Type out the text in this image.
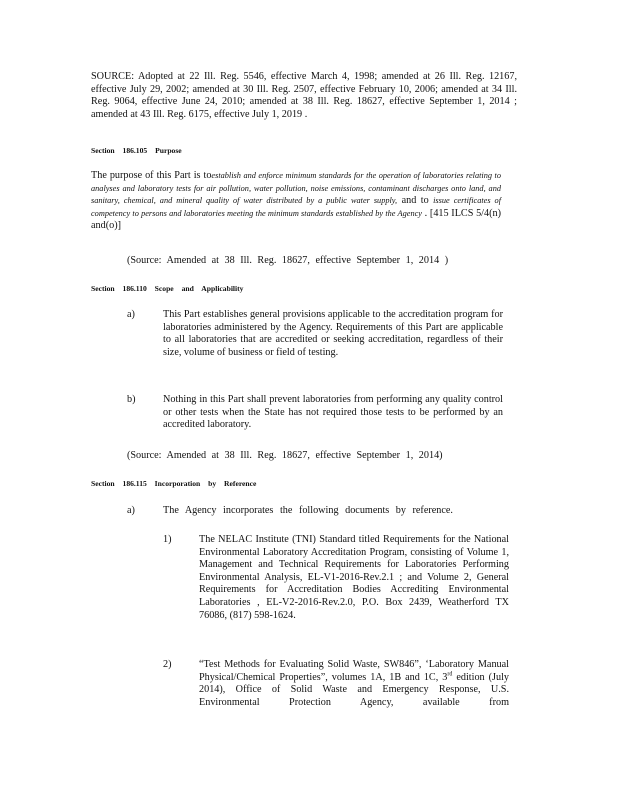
SOURCE: Adopted at 22 Ill. Reg. 5546, effective March 4, 1998; amended at 26 Ill. Reg. 12167, effective July 29, 2002; amended at 30 Ill. Reg. 2507, effective February 10, 2006; amended at 34 Ill. Reg. 9064, effective June 24, 2010; amended at 38 Ill. Reg. 18627, effective September 1, 2014 ; amended at 43 Ill. Reg. 6175, effective July 1, 2019 .

Section 186.105 Purpose

The purpose of this Part is toestablish and enforce minimum standards for the operation of laboratories relating to analyses and laboratory tests for air pollution, water pollution, noise emissions, contaminant discharges onto land, and sanitary, chemical, and mineral quality of water distributed by a public water supply, and to issue certificates of competency to persons and laboratories meeting the minimum standards established by the Agency . [415 ILCS 5/4(n) and(o)]

(Source: Amended at 38 Ill. Reg. 18627, effective September 1, 2014 )
Section 186.110 Scope and Applicability
a)	This Part establishes general provisions applicable to the accreditation program for laboratories administered by the Agency. Requirements of this Part are applicable to all laboratories that are accredited or seeking accreditation, regardless of their size, volume of business or field of testing.

b)	Nothing in this Part shall prevent laboratories from performing any quality control or other tests when the State has not required those tests to be performed by an accredited laboratory.

(Source: Amended at 38 Ill. Reg. 18627, effective September 1, 2014)
Section 186.115 Incorporation by Reference
a)	The Agency incorporates the following documents by reference.
1)	The NELAC Institute (TNI) Standard titled Requirements for the National Environmental Laboratory Accreditation Program, consisting of Volume 1, Management and Technical Requirements for Laboratories Performing Environmental Analysis, EL-V1-2016-Rev.2.1 ; and Volume 2, General Requirements for Accreditation Bodies Accrediting Environmental Laboratories , EL-V2-2016-Rev.2.0, P.O. Box 2439, Weatherford TX 76086, (817) 598-1624.

2)	“Test Methods for Evaluating Solid Waste, SW846”, ‘Laboratory Manual Physical/Chemical Properties”, volumes 1A, 1B and 1C, 3rd edition (July 2014), Office of Solid Waste and Emergency Response, U.S. Environmental Protection Agency, available from
